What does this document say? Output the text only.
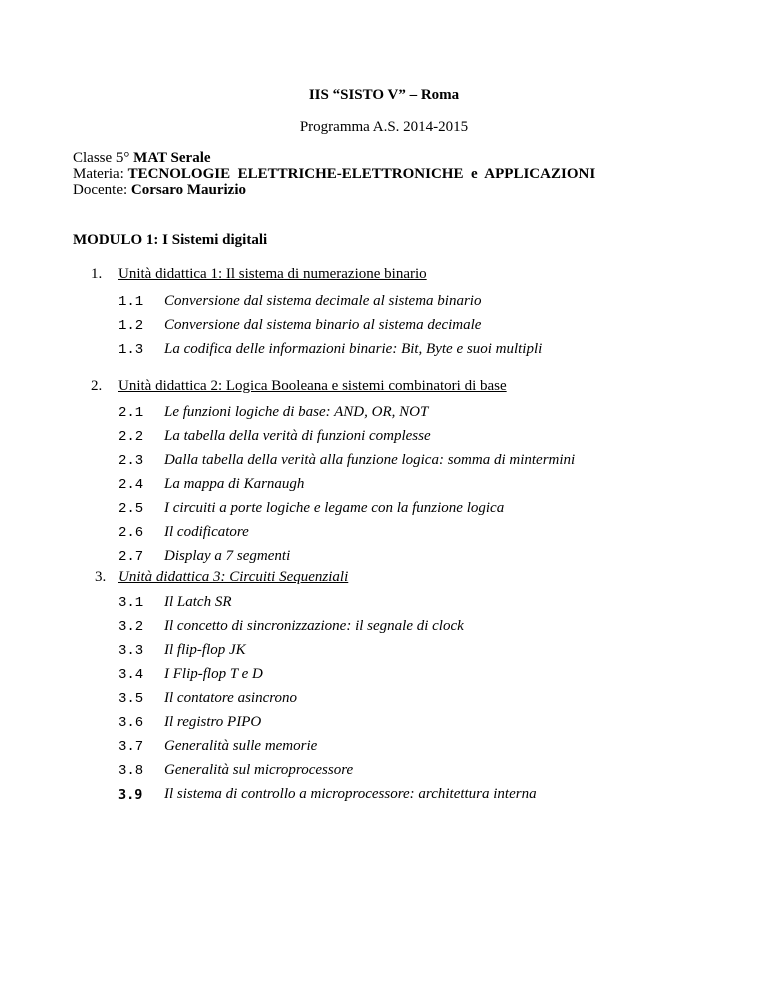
IIS “SISTO V” – Roma
Programma A.S. 2014-2015
Classe 5° MAT Serale
Materia: TECNOLOGIE  ELETTRICHE-ELETTRONICHE  e  APPLICAZIONI
Docente: Corsaro Maurizio
MODULO 1: I Sistemi digitali
1. Unità didattica 1: Il sistema di numerazione binario
1.1 Conversione dal sistema decimale al sistema binario
1.2 Conversione dal sistema binario al sistema decimale
1.3 La codifica delle informazioni binarie: Bit, Byte e suoi multipli
2. Unità didattica 2: Logica Booleana e sistemi combinatori di base
2.1 Le funzioni logiche di base: AND, OR, NOT
2.2 La tabella della verità di funzioni complesse
2.3 Dalla tabella della verità alla funzione logica: somma di mintermini
2.4 La mappa di Karnaugh
2.5 I circuiti a porte logiche e legame con la funzione logica
2.6 Il codificatore
2.7 Display a 7 segmenti
3. Unità didattica 3: Circuiti Sequenziali
3.1 Il Latch SR
3.2 Il concetto di sincronizzazione: il segnale di clock
3.3 Il flip-flop JK
3.4 I Flip-flop T e D
3.5 Il contatore asincrono
3.6 Il registro PIPO
3.7 Generalità sulle memorie
3.8 Generalità sul microprocessore
3.9 Il sistema di controllo a microprocessore: architettura interna
